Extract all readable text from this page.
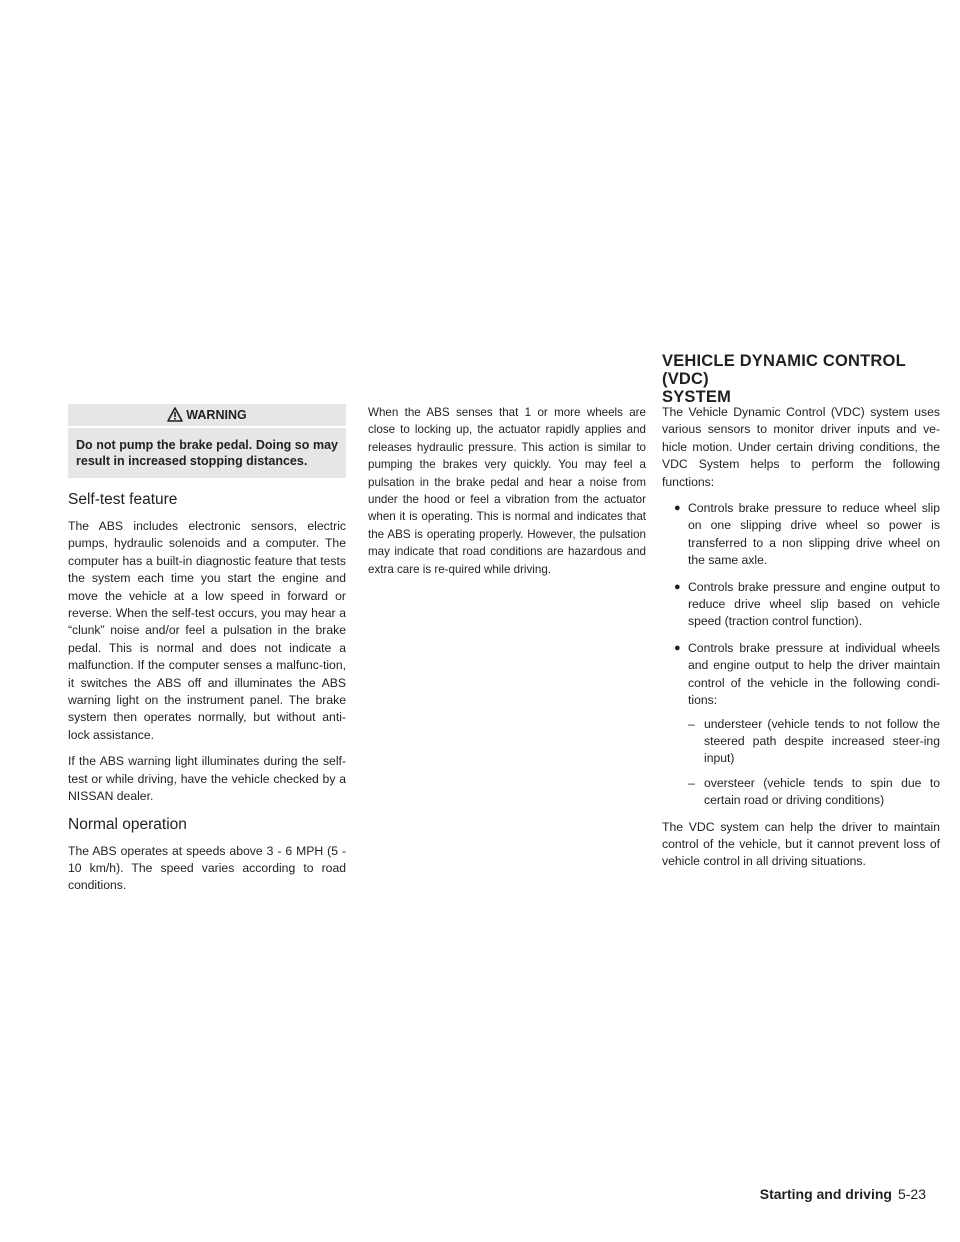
VEHICLE DYNAMIC CONTROL (VDC)
SYSTEM
WARNING
Do not pump the brake pedal. Doing so may result in increased stopping distances.
Self-test feature

The ABS includes electronic sensors, electric pumps, hydraulic solenoids and a computer. The computer has a built-in diagnostic feature that tests the system each time you start the engine and move the vehicle at a low speed in forward or reverse. When the self-test occurs, you may hear a “clunk” noise and/or feel a pulsation in the brake pedal. This is normal and does not indicate a malfunction. If the computer senses a malfunc-tion, it switches the ABS off and illuminates the ABS warning light on the instrument panel. The brake system then operates normally, but without anti-lock assistance.

If the ABS warning light illuminates during the self-test or while driving, have the vehicle checked by a NISSAN dealer.

Normal operation

The ABS operates at speeds above 3 - 6 MPH (5 - 10 km/h). The speed varies according to road conditions.

When the ABS senses that 1 or more wheels are close to locking up, the actuator rapidly applies and releases hydraulic pressure. This action is similar to pumping the brakes very quickly. You may feel a pulsation in the brake pedal and hear a noise from under the hood or feel a vibration from the actuator when it is operating. This is normal and indicates that the ABS is operating properly. However, the pulsation may indicate that road conditions are hazardous and extra care is re-quired while driving.

The Vehicle Dynamic Control (VDC) system uses various sensors to monitor driver inputs and ve-hicle motion. Under certain driving conditions, the VDC System helps to perform the following functions:

● Controls brake pressure to reduce wheel slip on one slipping drive wheel so power is transferred to a non slipping drive wheel on the same axle.
● Controls brake pressure and engine output to reduce drive wheel slip based on vehicle speed (traction control function).
● Controls brake pressure at individual wheels and engine output to help the driver maintain control of the vehicle in the following condi-tions:
– understeer (vehicle tends to not follow the steered path despite increased steer-ing input)
– oversteer (vehicle tends to spin due to certain road or driving conditions)

The VDC system can help the driver to maintain control of the vehicle, but it cannot prevent loss of vehicle control in all driving situations.

Starting and driving 5-23
